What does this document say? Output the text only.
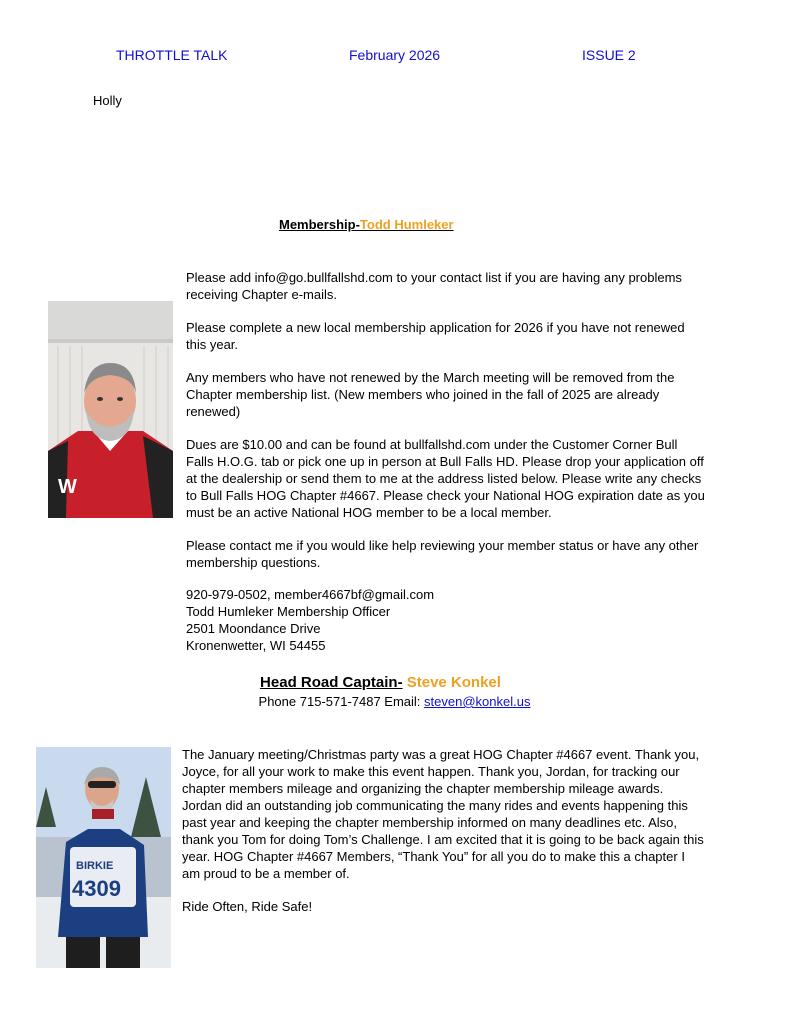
THROTTLE TALK	February 2026	ISSUE 2
Holly
Membership-Todd Humleker
W
Please add info@go.bullfallshd.com to your contact list if you are having any problems receiving Chapter e-mails.
Please complete a new local membership application for 2026 if you have not renewed this year.
Any members who have not renewed by the March meeting will be removed from the Chapter membership list. (New members who joined in the fall of 2025 are already renewed)
Dues are $10.00 and can be found at bullfallshd.com under the Customer Corner Bull Falls H.O.G. tab or pick one up in person at Bull Falls HD. Please drop your application off at the dealership or send them to me at the address listed below. Please write any checks to Bull Falls HOG Chapter #4667. Please check your National HOG expiration date as you must be an active National HOG member to be a local member.
Please contact me if you would like help reviewing your member status or have any other membership questions.
920-979-0502, member4667bf@gmail.com
Todd Humleker Membership Officer
2501 Moondance Drive
Kronenwetter, WI 54455
Head Road Captain- Steve Konkel
Phone 715-571-7487 Email: steven@konkel.us
BIRKIE
4309
The January meeting/Christmas party was a great HOG Chapter #4667 event. Thank you, Joyce, for all your work to make this event happen. Thank you, Jordan, for tracking our chapter members mileage and organizing the chapter membership mileage awards. Jordan did an outstanding job communicating the many rides and events happening this past year and keeping the chapter membership informed on many deadlines etc. Also, thank you Tom for doing Tom’s Challenge. I am excited that it is going to be back again this year. HOG Chapter #4667 Members, “Thank You” for all you do to make this a chapter I am proud to be a member of.
Ride Often, Ride Safe!
